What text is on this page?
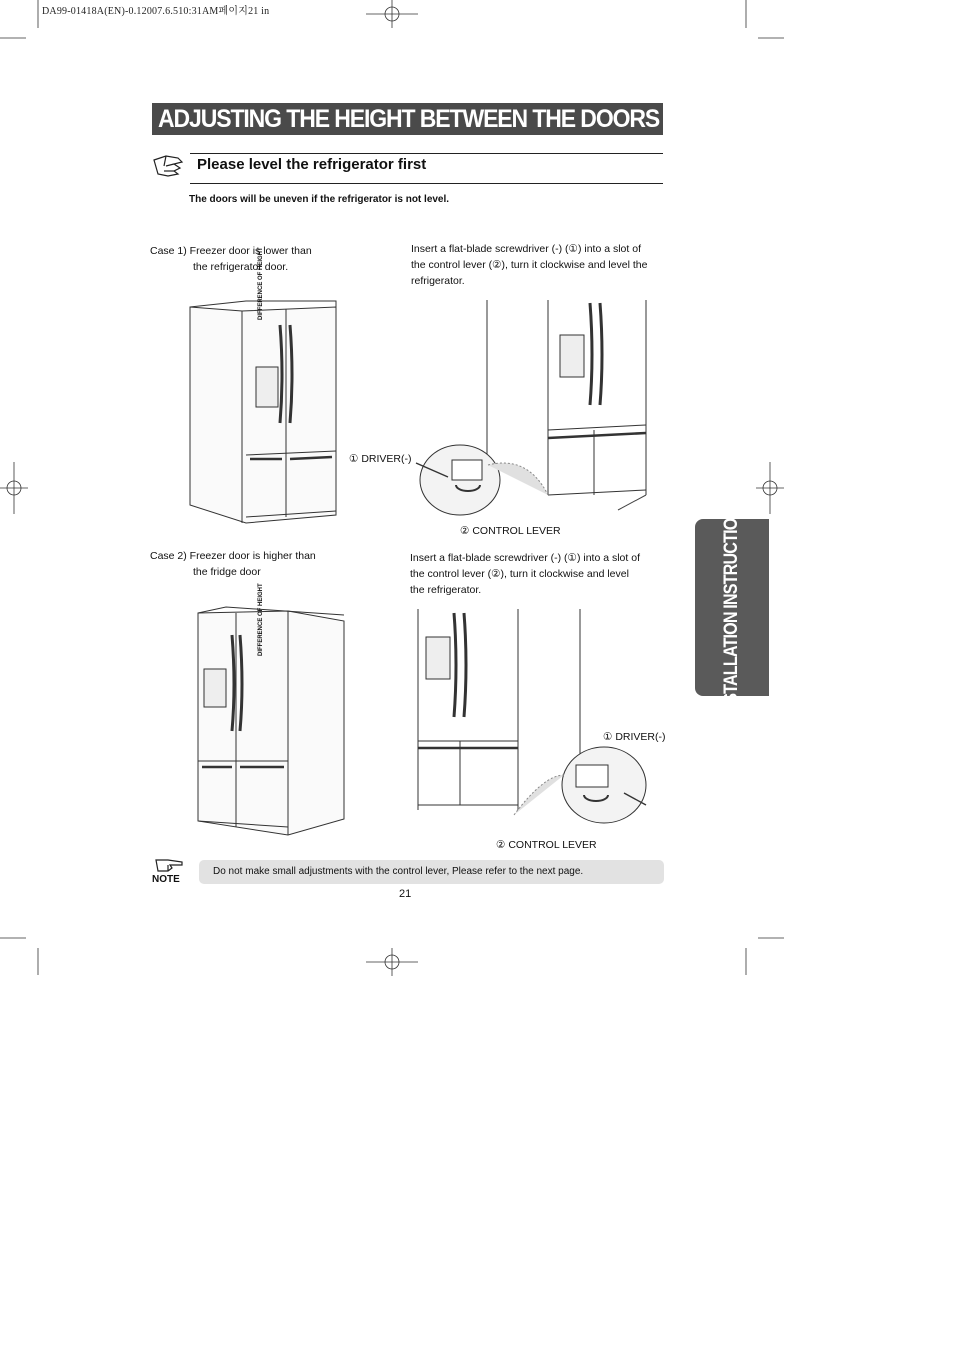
DA99-01418A(EN)-0.12007.6.510:31AM페이지21 in
ADJUSTING THE HEIGHT BETWEEN THE DOORS
Please level the refrigerator first
The doors will be uneven if the refrigerator is not level.
Case 1) Freezer door is lower than
the refrigerator door.
Insert a flat-blade screwdriver (-) (①) into a slot of
the control lever (②), turn it clockwise and level the
refrigerator.
DIFFERENCE OF HEIGHT
① DRIVER(-)
② CONTROL LEVER
Case 2) Freezer door is higher than
the fridge door
Insert a flat-blade screwdriver (-) (①) into a slot of
the control lever (②), turn it clockwise and level
the refrigerator.
DIFFERENCE OF HEIGHT
① DRIVER(-)
② CONTROL LEVER
INSTALLATION INSTRUCTIONS
NOTE
Do not make small adjustments with the control lever, Please refer to the next page.
21
